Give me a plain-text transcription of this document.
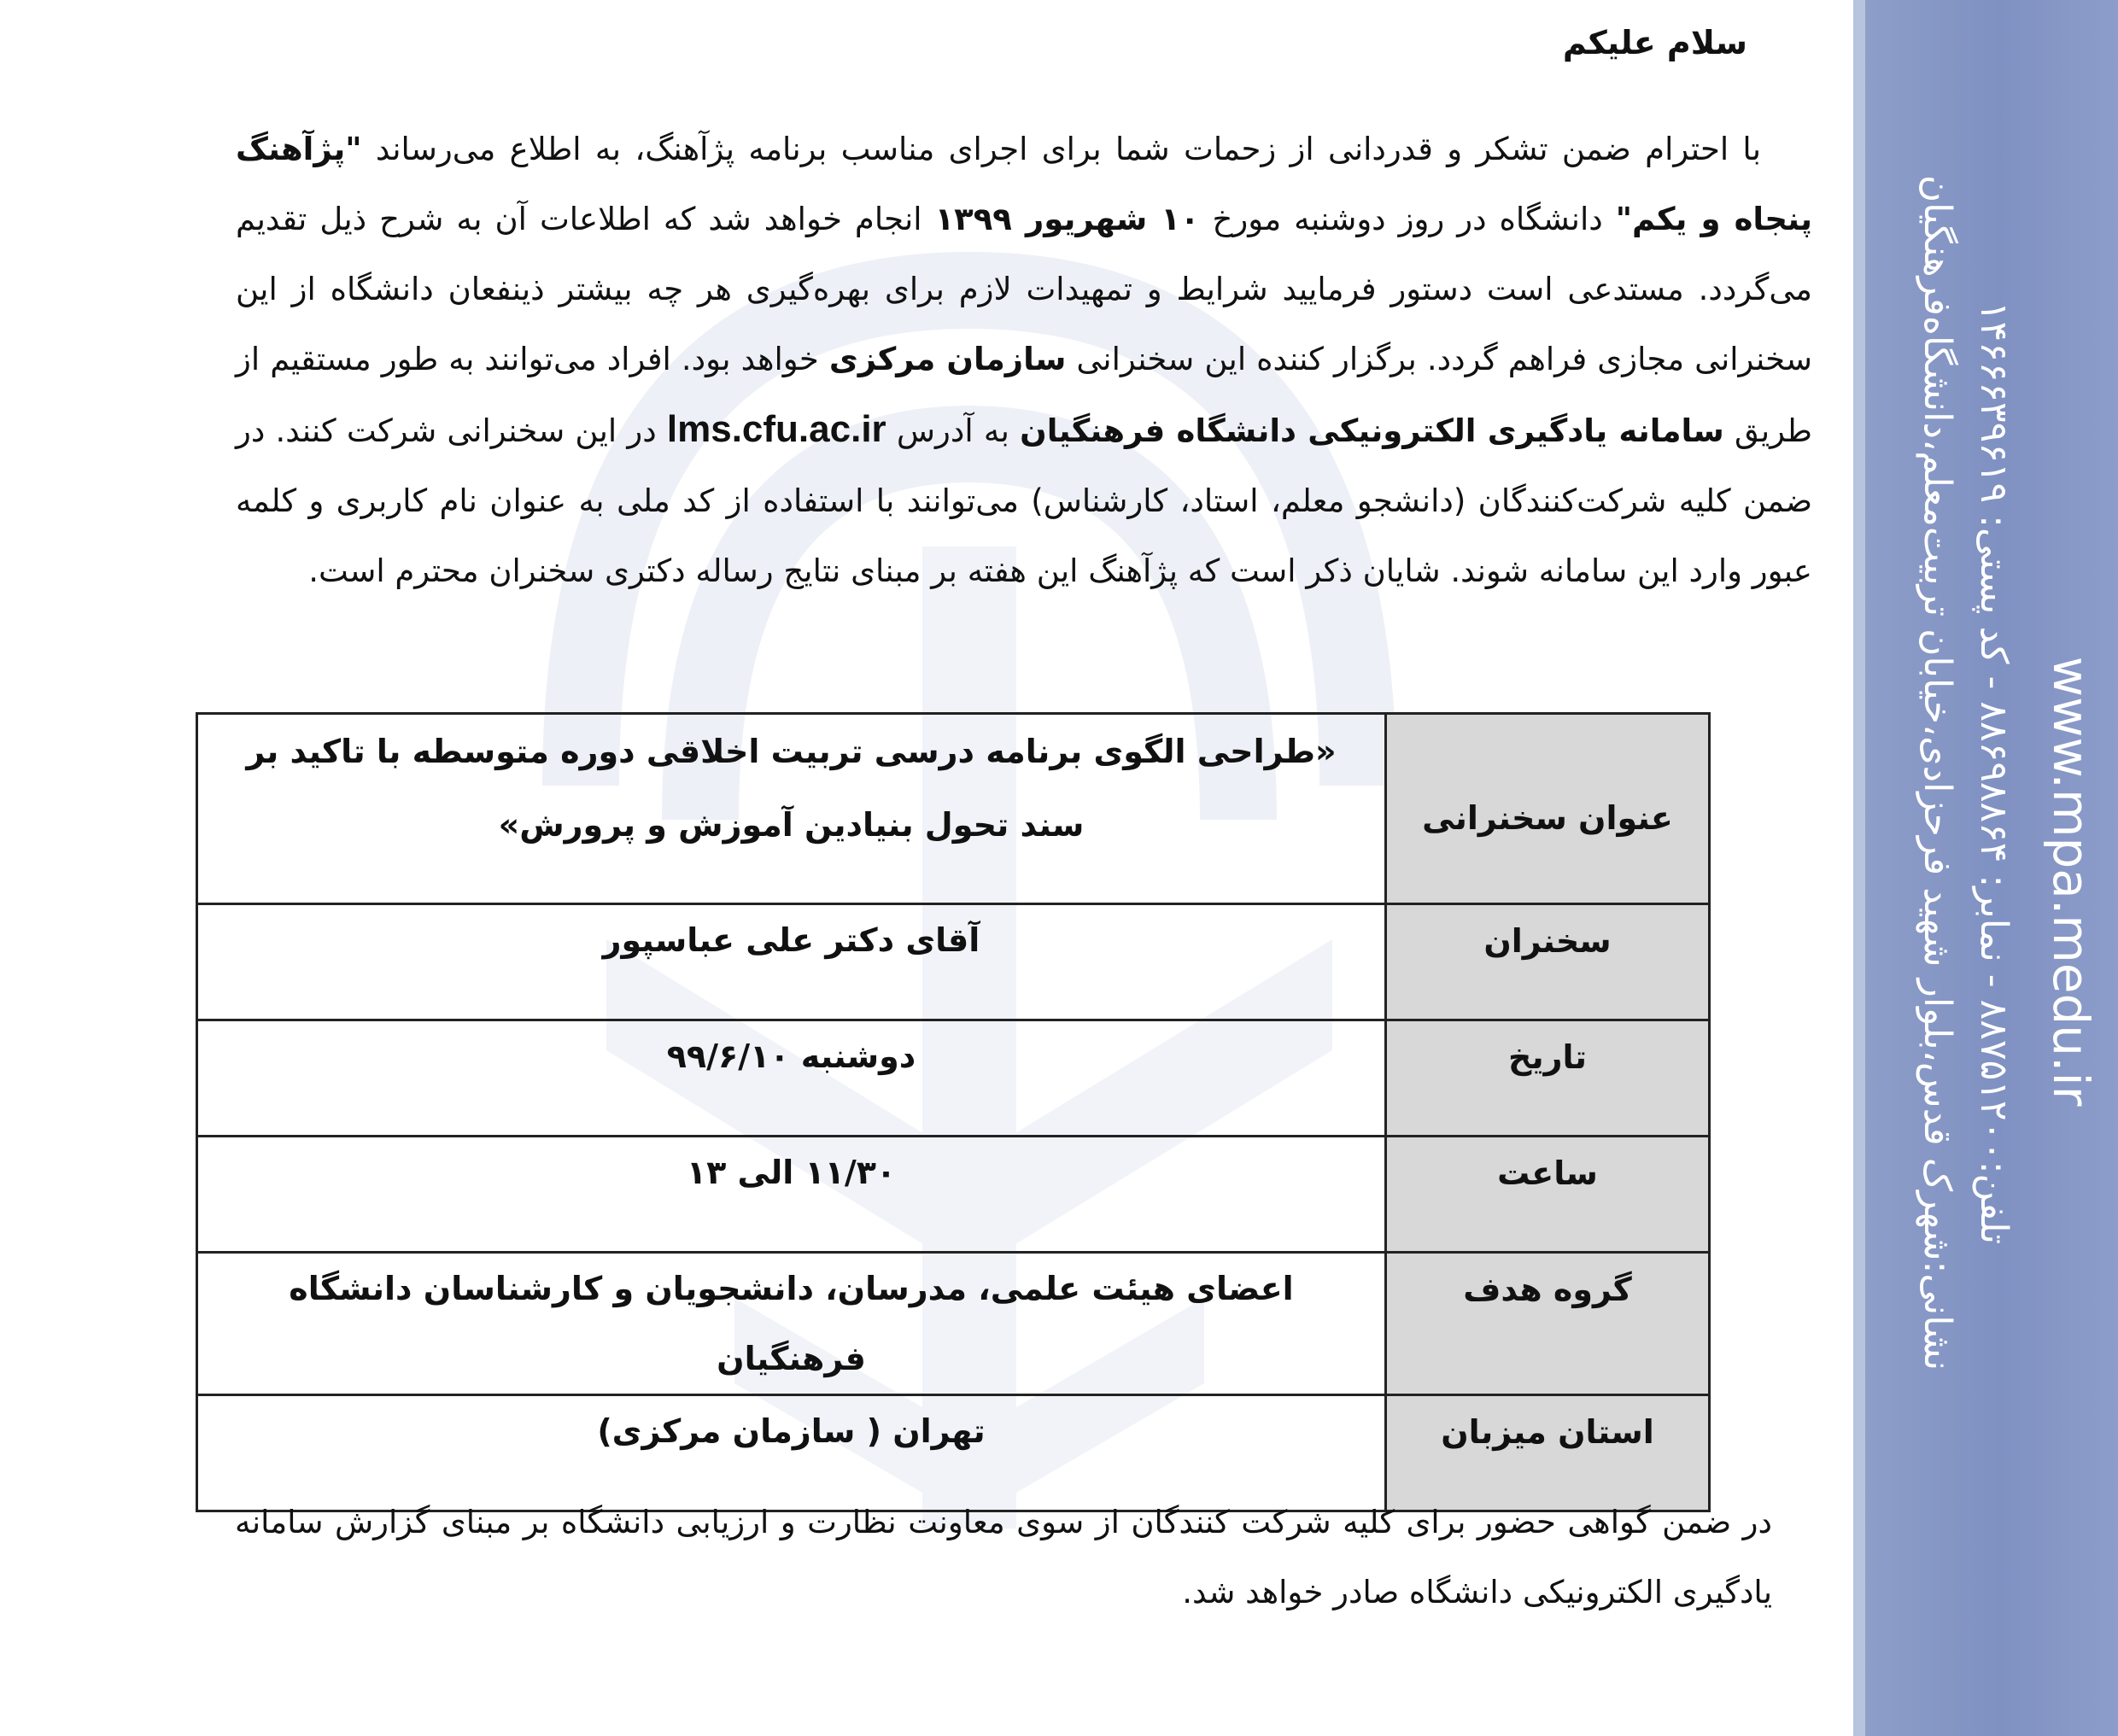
نشانی:شهرک قدس،بلوار شهید فرحزادی،خیابان تربیت‌معلم،دانشگاه‌فرهنگیان تلفن:۸۸۷۵۱۲۰۰ - نمابر: ۸۸۶۹۸۸۶۴ - کد پستی: ۱۴۶۶۶۳۹۶۱۹
www.mpa.medu.ir

سلام علیکم

با احترام ضمن تشکر و قدردانی از زحمات شما برای اجرای مناسب برنامه پژآهنگ، به اطلاع می‌رساند "پژآهنگ پنجاه و یکم" دانشگاه در روز دوشنبه مورخ ۱۰ شهریور ۱۳۹۹ انجام خواهد شد که اطلاعات آن به شرح ذیل تقدیم می‌گردد. مستدعی است دستور فرمایید شرایط و تمهیدات لازم برای بهره‌گیری هر چه بیشتر ذینفعان دانشگاه از این سخنرانی مجازی فراهم گردد. برگزار کننده این سخنرانی سازمان مرکزی خواهد بود. افراد می‌توانند به طور مستقیم از طریق سامانه یادگیری الکترونیکی دانشگاه فرهنگیان به آدرس lms.cfu.ac.ir در این سخنرانی شرکت کنند. در ضمن کلیه شرکت‌کنندگان (دانشجو معلم، استاد، کارشناس) می‌توانند با استفاده از کد ملی به عنوان نام کاربری و کلمه عبور وارد این سامانه شوند. شایان ذکر است که پژآهنگ این هفته بر مبنای نتایج رساله دکتری سخنران محترم است.

عنوان سخنرانی	«طراحی الگوی برنامه درسی تربیت اخلاقی دوره متوسطه با تاکید بر سند تحول بنیادین آموزش و پرورش»
سخنران	آقای دکتر علی عباسپور
تاریخ	دوشنبه ۹۹/۶/۱۰
ساعت	۱۱/۳۰ الی ۱۳
گروه هدف	اعضای هیئت علمی، مدرسان، دانشجویان و کارشناسان دانشگاه فرهنگیان
استان میزبان	تهران ( سازمان مرکزی)

در ضمن گواهی حضور برای کلیه شرکت کنندگان از سوی معاونت نظارت و ارزیابی دانشگاه بر مبنای گزارش سامانه یادگیری الکترونیکی دانشگاه صادر خواهد شد.
